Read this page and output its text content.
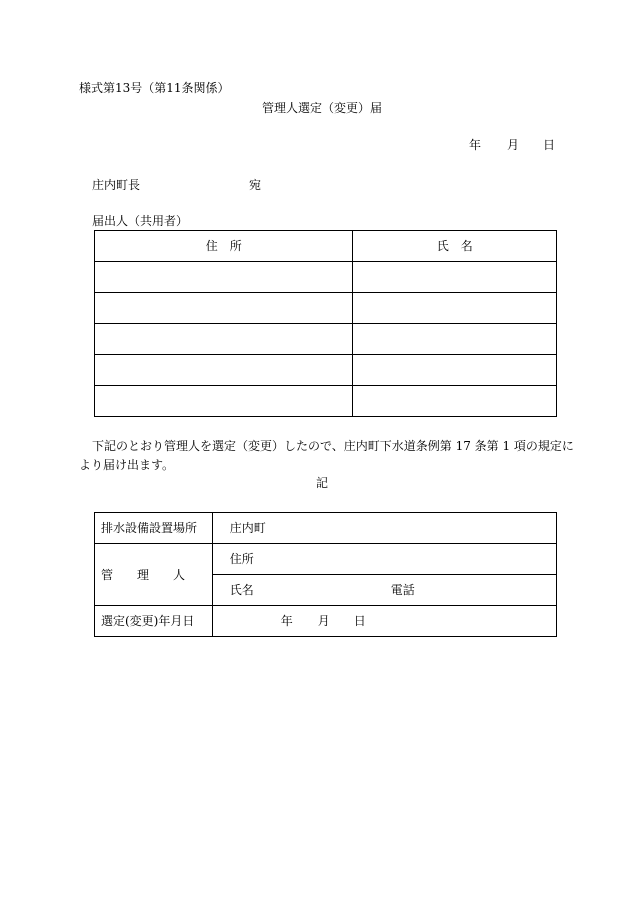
様式第13号（第11条関係）
管理人選定（変更）届
年 月 日
庄内町長	宛
届出人（共用者）
住　所	氏　名

下記のとおり管理人を選定（変更）したので、庄内町下水道条例第 17 条第 1 項の規定に
より届け出ます。
記
排水設備設置場所	庄内町
管　　理　　人	住所
	氏名 電話

選定(変更)年月日	年 月 日
